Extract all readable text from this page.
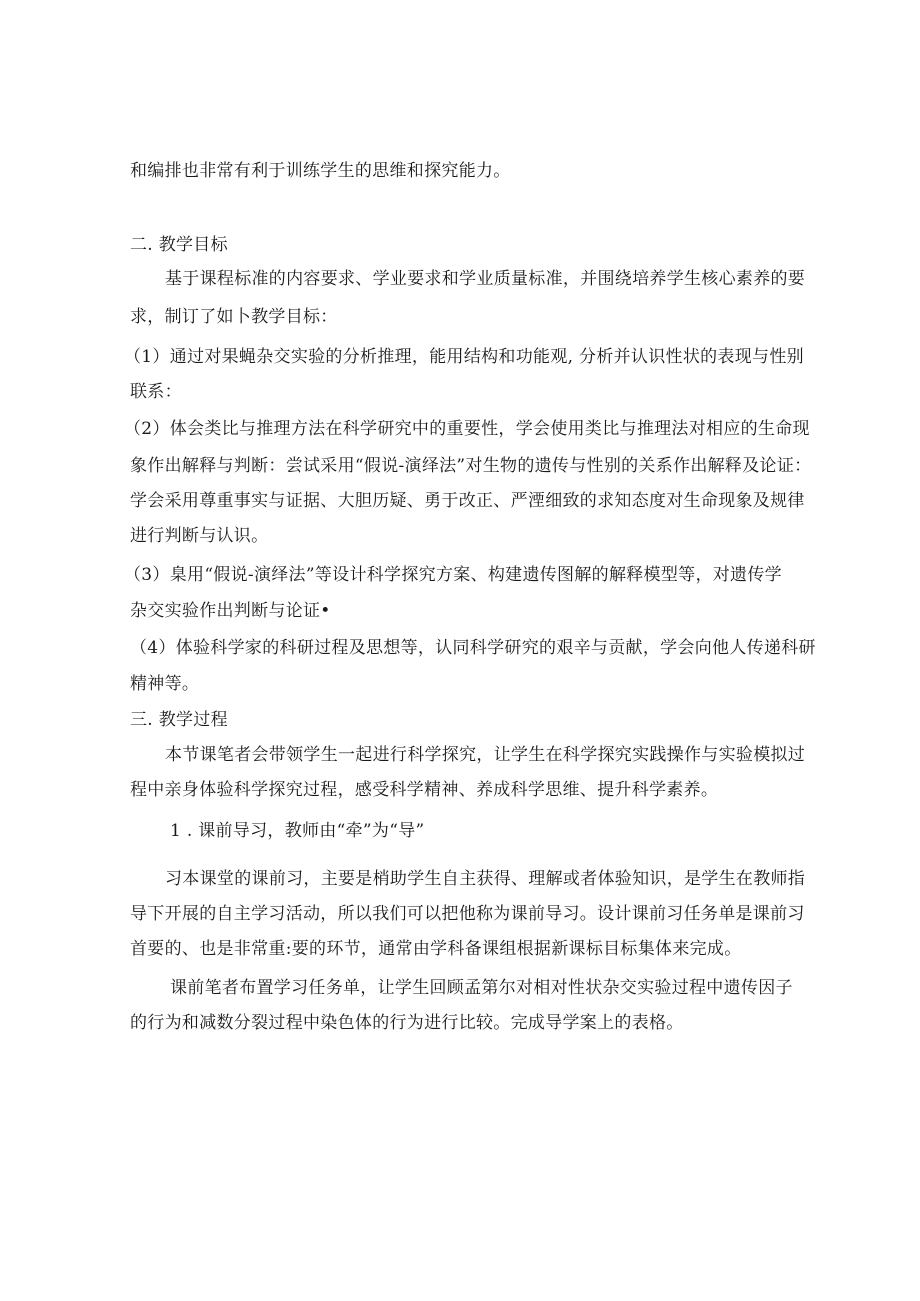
和编排也非常有利于训练学生的思维和探究能力。
二. 教学目标
基于课程标准的内容要求、学业要求和学业质量标准，并围绕培养学生核心素养的要
求，制订了如卜教学目标：
（1）通过对果蝇杂交实验的分析推理，能用结构和功能观, 分析并认识性状的表现与性别
联系：
（2）体会类比与推理方法在科学研究中的重要性，学会使用类比与推理法对相应的生命现
象作出解释与判断：尝试采用“假说-演绎法”对生物的遗传与性别的关系作出解释及论证：
学会采用尊重事实与证据、大胆历疑、勇于改正、严湮细致的求知态度对生命现象及规律
进行判断与认识。
（3）臬用“假说-演绎法”等设计科学探究方案、构建遗传图解的解释模型等，对遗传学
杂交实验作出判断与论证•
（4）体验科学家的科研过程及思想等，认同科学研究的艰辛与贡献，学会向他人传递科研
精神等。
三. 教学过程
本节课笔者会带领学生一起进行科学探究，让学生在科学探究实践操作与实验模拟过
程中亲身体验科学探究过程，感受科学精神、养成科学思维、提升科学素养。
1 . 课前导习，教师由“牵”为“导”
习本课堂的课前习，主要是梢助学生自主获得、理解或者体验知识，是学生在教师指
导下开展的自主学习活动，所以我们可以把他称为课前导习。设计课前习任务单是课前习
首要的、也是非常重:要的环节，通常由学科备课组根据新课标目标集体来完成。
课前笔者布置学习任务单，让学生回顾孟第尔对相对性状杂交实验过程中遗传因子
的行为和减数分裂过程中染色体的行为进行比较。完成导学案上的表格。
